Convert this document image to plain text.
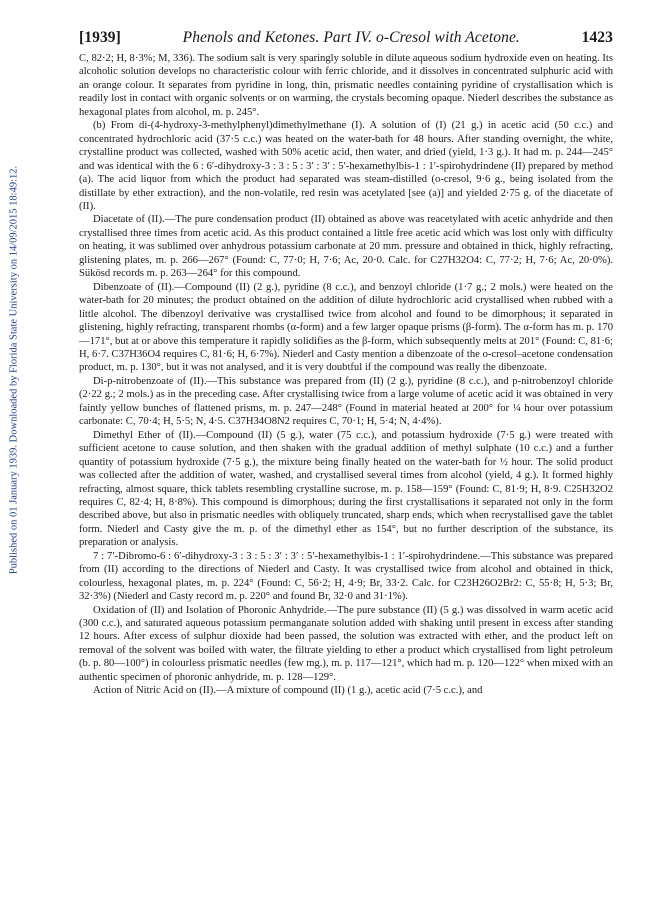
Published on 01 January 1939. Downloaded by Florida State University on 14/09/2015 18:49:12.
[1939]	Phenols and Ketones. Part IV. o-Cresol with Acetone.	1423

C, 82·2; H, 8·3%; M, 336). The sodium salt is very sparingly soluble in dilute aqueous sodium hydroxide even on heating. Its alcoholic solution develops no characteristic colour with ferric chloride, and it dissolves in concentrated sulphuric acid with an orange colour. It separates from pyridine in long, thin, prismatic needles containing pyridine of crystallisation which is readily lost in contact with organic solvents or on warming, the crystals becoming opaque. Niederl describes the substance as hexagonal plates from alcohol, m. p. 245°.

(b) From di-(4-hydroxy-3-methylphenyl)dimethylmethane (I). A solution of (I) (21 g.) in acetic acid (50 c.c.) and concentrated hydrochloric acid (37·5 c.c.) was heated on the water-bath for 48 hours. After standing overnight, the white, crystalline product was collected, washed with 50% acetic acid, then water, and dried (yield, 1·3 g.). It had m. p. 244—245° and was identical with the 6 : 6′-dihydroxy-3 : 3 : 5 : 3′ : 3′ : 5′-hexamethylbis-1 : 1′-spirohydrindene (II) prepared by method (a). The acid liquor from which the product had separated was steam-distilled (o-cresol, 9·6 g., being isolated from the distillate by ether extraction), and the non-volatile, red resin was acetylated [see (a)] and yielded 2·75 g. of the diacetate of (II).

Diacetate of (II).—The pure condensation product (II) obtained as above was reacetylated with acetic anhydride and then crystallised three times from acetic acid. As this product contained a little free acetic acid which was lost only with difficulty on heating, it was sublimed over anhydrous potassium carbonate at 20 mm. pressure and obtained in thick, highly refracting, glistening plates, m. p. 266—267° (Found: C, 77·0; H, 7·6; Ac, 20·0. Calc. for C27H32O4: C, 77·2; H, 7·6; Ac, 20·0%). Sükösd records m. p. 263—264° for this compound.

Dibenzoate of (II).—Compound (II) (2 g.), pyridine (8 c.c.), and benzoyl chloride (1·7 g.; 2 mols.) were heated on the water-bath for 20 minutes; the product obtained on the addition of dilute hydrochloric acid crystallised when rubbed with a little alcohol. The dibenzoyl derivative was crystallised twice from alcohol and found to be dimorphous; it separated in glistening, highly refracting, transparent rhombs (α-form) and a few larger opaque prisms (β-form). The α-form has m. p. 170—171°, but at or above this temperature it rapidly solidifies as the β-form, which subsequently melts at 201° (Found: C, 81·6; H, 6·7. C37H36O4 requires C, 81·6; H, 6·7%). Niederl and Casty mention a dibenzoate of the o-cresol–acetone condensation product, m. p. 130°, but it was not analysed, and it is very doubtful if the compound was really the dibenzoate.

Di-p-nitrobenzoate of (II).—This substance was prepared from (II) (2 g.), pyridine (8 c.c.), and p-nitrobenzoyl chloride (2·22 g.; 2 mols.) as in the preceding case. After crystallising twice from a large volume of acetic acid it was obtained in very faintly yellow bunches of flattened prisms, m. p. 247—248° (Found in material heated at 200° for ¼ hour over potassium carbonate: C, 70·4; H, 5·5; N, 4·5. C37H34O8N2 requires C, 70·1; H, 5·4; N, 4·4%).

Dimethyl Ether of (II).—Compound (II) (5 g.), water (75 c.c.), and potassium hydroxide (7·5 g.) were treated with sufficient acetone to cause solution, and then shaken with the gradual addition of methyl sulphate (10 c.c.) and a further quantity of potassium hydroxide (7·5 g.), the mixture being finally heated on the water-bath for ½ hour. The solid product was collected after the addition of water, washed, and crystallised several times from alcohol (yield, 4 g.). It formed highly refracting, almost square, thick tablets resembling crystalline sucrose, m. p. 158—159° (Found: C, 81·9; H, 8·9. C25H32O2 requires C, 82·4; H, 8·8%). This compound is dimorphous; during the first crystallisations it separated not only in the form described above, but also in prismatic needles with obliquely truncated, sharp ends, which when recrystallised gave the tablet form. Niederl and Casty give the m. p. of the dimethyl ether as 154°, but no further description of the substance, its preparation or analysis.

7 : 7′-Dibromo-6 : 6′-dihydroxy-3 : 3 : 5 : 3′ : 3′ : 5′-hexamethylbis-1 : 1′-spirohydrindene.—This substance was prepared from (II) according to the directions of Niederl and Casty. It was crystallised twice from alcohol and obtained in thick, colourless, hexagonal plates, m. p. 224° (Found: C, 56·2; H, 4·9; Br, 33·2. Calc. for C23H26O2Br2: C, 55·8; H, 5·3; Br, 32·3%) (Niederl and Casty record m. p. 220° and found Br, 32·0 and 31·1%).

Oxidation of (II) and Isolation of Phoronic Anhydride.—The pure substance (II) (5 g.) was dissolved in warm acetic acid (300 c.c.), and saturated aqueous potassium permanganate solution added with shaking until present in excess after standing 12 hours. After excess of sulphur dioxide had been passed, the solution was extracted with ether, and the product left on removal of the solvent was boiled with water, the filtrate yielding to ether a product which crystallised from light petroleum (b. p. 80—100°) in colourless prismatic needles (few mg.), m. p. 117—121°, which had m. p. 120—122° when mixed with an authentic specimen of phoronic anhydride, m. p. 128—129°.

Action of Nitric Acid on (II).—A mixture of compound (II) (1 g.), acetic acid (7·5 c.c.), and
